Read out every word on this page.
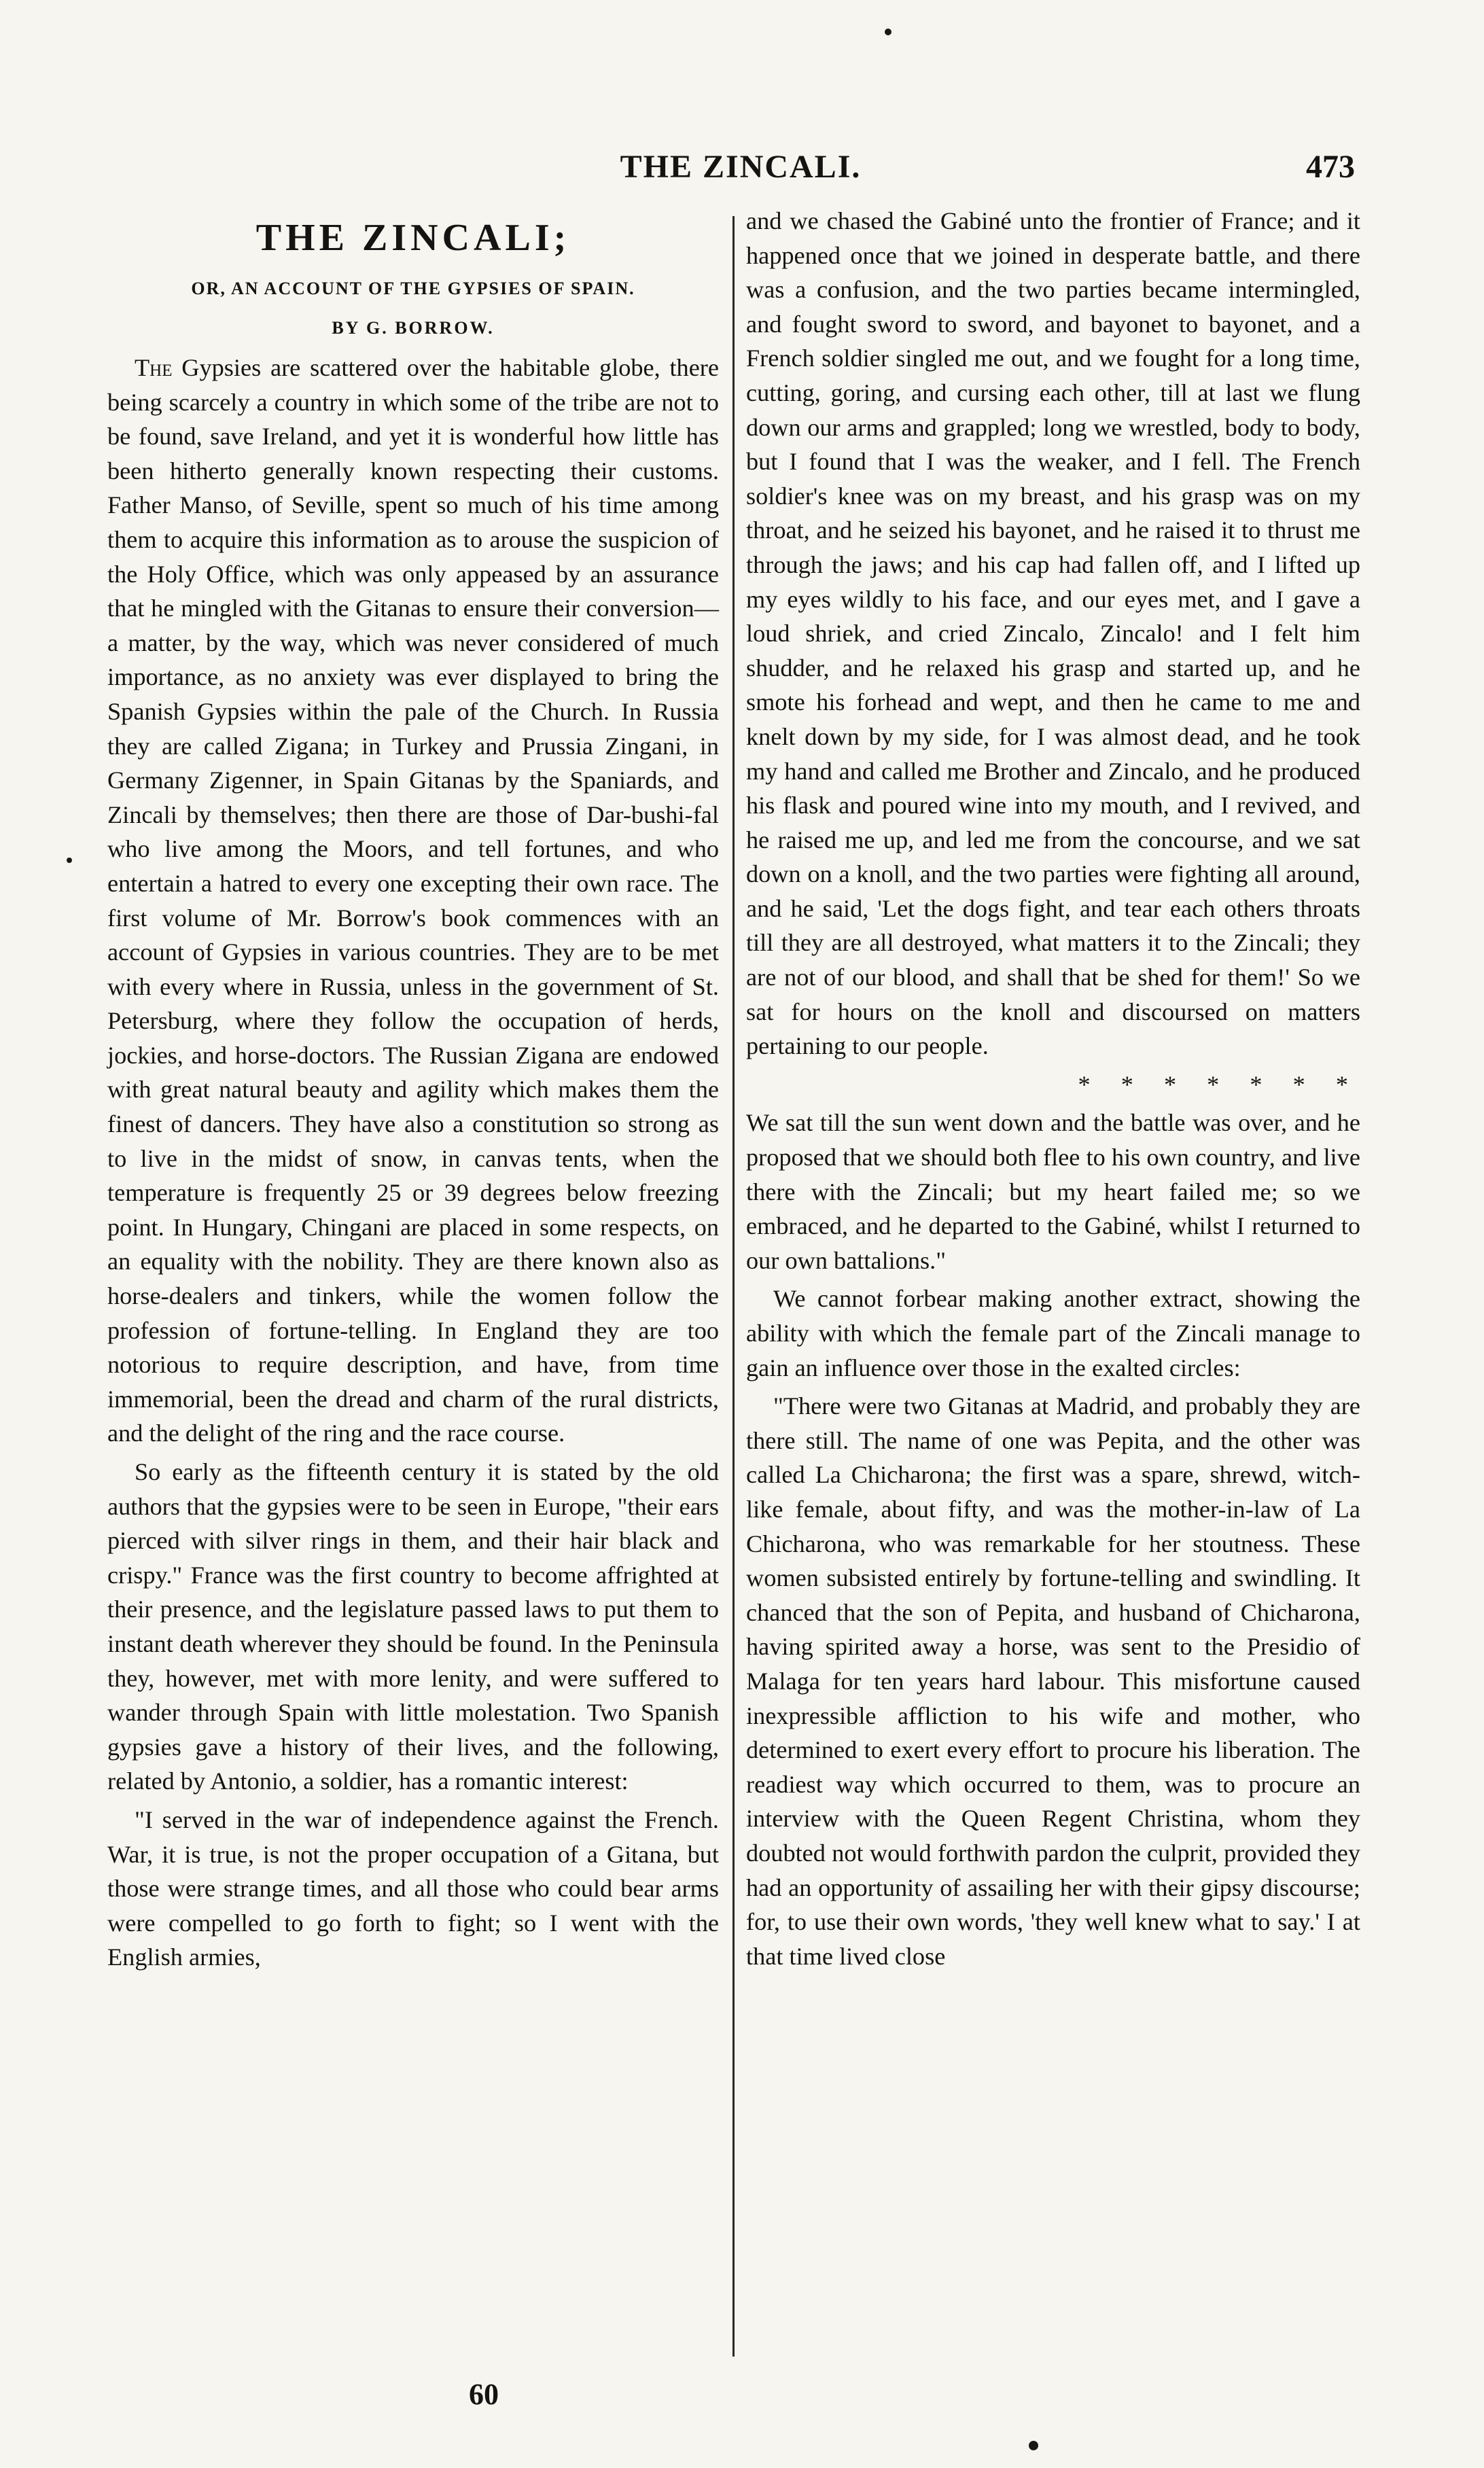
THE ZINCALI.	473
THE ZINCALI;
OR, AN ACCOUNT OF THE GYPSIES OF SPAIN.
BY G. BORROW.

The Gypsies are scattered over the habitable globe, there being scarcely a country in which some of the tribe are not to be found, save Ireland, and yet it is wonderful how little has been hitherto generally known respecting their customs. Father Manso, of Seville, spent so much of his time among them to acquire this information as to arouse the suspicion of the Holy Office, which was only appeased by an assurance that he mingled with the Gitanas to ensure their conversion—a matter, by the way, which was never considered of much importance, as no anxiety was ever displayed to bring the Spanish Gypsies within the pale of the Church. In Russia they are called Zigana; in Turkey and Prussia Zingani, in Germany Zigenner, in Spain Gitanas by the Spaniards, and Zincali by themselves; then there are those of Dar-bushi-fal who live among the Moors, and tell fortunes, and who entertain a hatred to every one excepting their own race. The first volume of Mr. Borrow's book commences with an account of Gypsies in various countries. They are to be met with every where in Russia, unless in the government of St. Petersburg, where they follow the occupation of herds, jockies, and horse-doctors. The Russian Zigana are endowed with great natural beauty and agility which makes them the finest of dancers. They have also a constitution so strong as to live in the midst of snow, in canvas tents, when the temperature is frequently 25 or 39 degrees below freezing point. In Hungary, Chingani are placed in some respects, on an equality with the nobility. They are there known also as horse-dealers and tinkers, while the women follow the profession of fortune-telling. In England they are too notorious to require description, and have, from time immemorial, been the dread and charm of the rural districts, and the delight of the ring and the race course.

So early as the fifteenth century it is stated by the old authors that the gypsies were to be seen in Europe, "their ears pierced with silver rings in them, and their hair black and crispy." France was the first country to become affrighted at their presence, and the legislature passed laws to put them to instant death wherever they should be found. In the Peninsula they, however, met with more lenity, and were suffered to wander through Spain with little molestation. Two Spanish gypsies gave a history of their lives, and the following, related by Antonio, a soldier, has a romantic interest:

"I served in the war of independence against the French. War, it is true, is not the proper occupation of a Gitana, but those were strange times, and all those who could bear arms were compelled to go forth to fight; so I went with the English armies,

and we chased the Gabiné unto the frontier of France; and it happened once that we joined in desperate battle, and there was a confusion, and the two parties became intermingled, and fought sword to sword, and bayonet to bayonet, and a French soldier singled me out, and we fought for a long time, cutting, goring, and cursing each other, till at last we flung down our arms and grappled; long we wrestled, body to body, but I found that I was the weaker, and I fell. The French soldier's knee was on my breast, and his grasp was on my throat, and he seized his bayonet, and he raised it to thrust me through the jaws; and his cap had fallen off, and I lifted up my eyes wildly to his face, and our eyes met, and I gave a loud shriek, and cried Zincalo, Zincalo! and I felt him shudder, and he relaxed his grasp and started up, and he smote his forhead and wept, and then he came to me and knelt down by my side, for I was almost dead, and he took my hand and called me Brother and Zincalo, and he produced his flask and poured wine into my mouth, and I revived, and he raised me up, and led me from the concourse, and we sat down on a knoll, and the two parties were fighting all around, and he said, 'Let the dogs fight, and tear each others throats till they are all destroyed, what matters it to the Zincali; they are not of our blood, and shall that be shed for them!' So we sat for hours on the knoll and discoursed on matters pertaining to our people.

* * * * * * *

We sat till the sun went down and the battle was over, and he proposed that we should both flee to his own country, and live there with the Zincali; but my heart failed me; so we embraced, and he departed to the Gabiné, whilst I returned to our own battalions."

We cannot forbear making another extract, showing the ability with which the female part of the Zincali manage to gain an influence over those in the exalted circles:

"There were two Gitanas at Madrid, and probably they are there still. The name of one was Pepita, and the other was called La Chicharona; the first was a spare, shrewd, witch-like female, about fifty, and was the mother-in-law of La Chicharona, who was remarkable for her stoutness. These women subsisted entirely by fortune-telling and swindling. It chanced that the son of Pepita, and husband of Chicharona, having spirited away a horse, was sent to the Presidio of Malaga for ten years hard labour. This misfortune caused inexpressible affliction to his wife and mother, who determined to exert every effort to procure his liberation. The readiest way which occurred to them, was to procure an interview with the Queen Regent Christina, whom they doubted not would forthwith pardon the culprit, provided they had an opportunity of assailing her with their gipsy discourse; for, to use their own words, 'they well knew what to say.' I at that time lived close

60
